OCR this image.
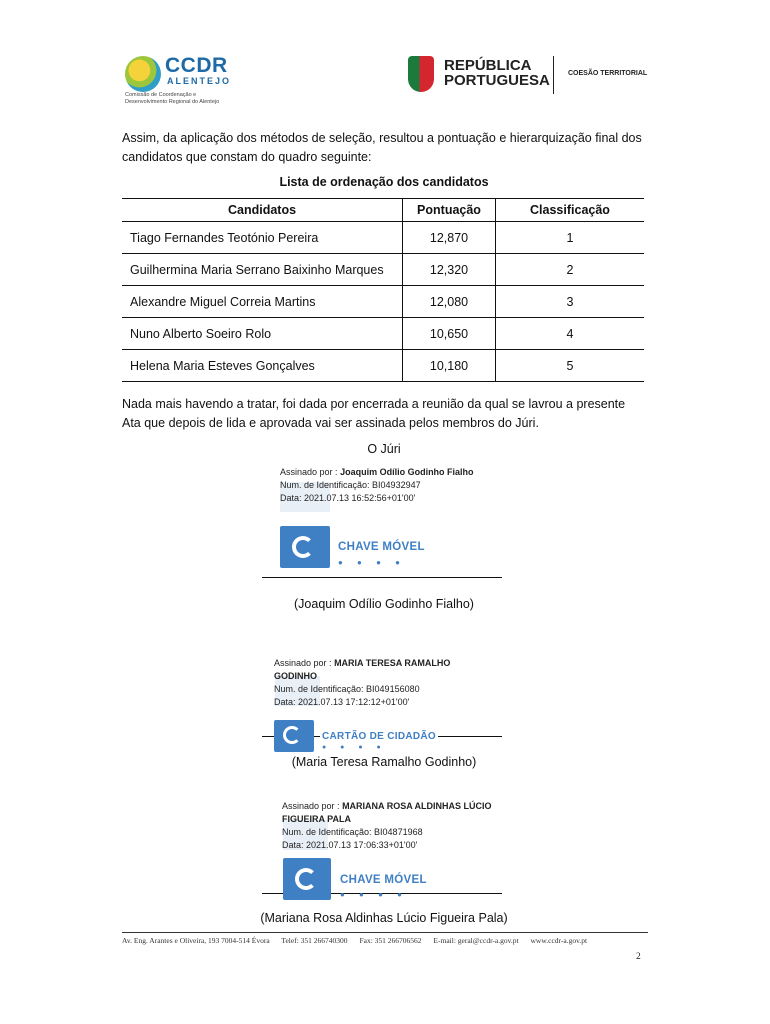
CCDR
ALENTEJO
Comissão de Coordenação e Desenvolvimento Regional do Alentejo
REPÚBLICA
PORTUGUESA	COESÃO TERRITORIAL
Assim, da aplicação dos métodos de seleção, resultou a pontuação e hierarquização final dos candidatos que constam do quadro seguinte:
Lista de ordenação dos candidatos
Candidatos	Pontuação	Classificação
Tiago Fernandes Teotónio Pereira	12,870	1
Guilhermina Maria Serrano Baixinho Marques	12,320	2
Alexandre Miguel Correia Martins	12,080	3
Nuno Alberto Soeiro Rolo	10,650	4
Helena Maria Esteves Gonçalves	10,180	5
Nada mais havendo a tratar, foi dada por encerrada a reunião da qual se lavrou a presente Ata que depois de lida e aprovada vai ser assinada pelos membros do Júri.
O Júri
Assinado por : Joaquim Odílio Godinho Fialho
Num. de Identificação: BI04932947
Data: 2021.07.13 16:52:56+01'00'
CHAVE MÓVEL
● ● ● ●
(Joaquim Odílio Godinho Fialho)
Assinado por : MARIA TERESA RAMALHO
GODINHO
Num. de Identificação: BI049156080
Data: 2021.07.13 17:12:12+01'00'
CARTÃO DE CIDADÃO
● ● ● ●
(Maria Teresa Ramalho Godinho)
Assinado por : MARIANA ROSA ALDINHAS LÚCIO
FIGUEIRA PALA
Num. de Identificação: BI04871968
Data: 2021.07.13 17:06:33+01'00'
CHAVE MÓVEL
● ● ● ●
(Mariana Rosa Aldinhas Lúcio Figueira Pala)
Av. Eng. Arantes e Oliveira, 193 7004-514 Évora Telef: 351 266740300 Fax: 351 266706562 E-mail: geral@ccdr-a.gov.pt www.ccdr-a.gov.pt
2
